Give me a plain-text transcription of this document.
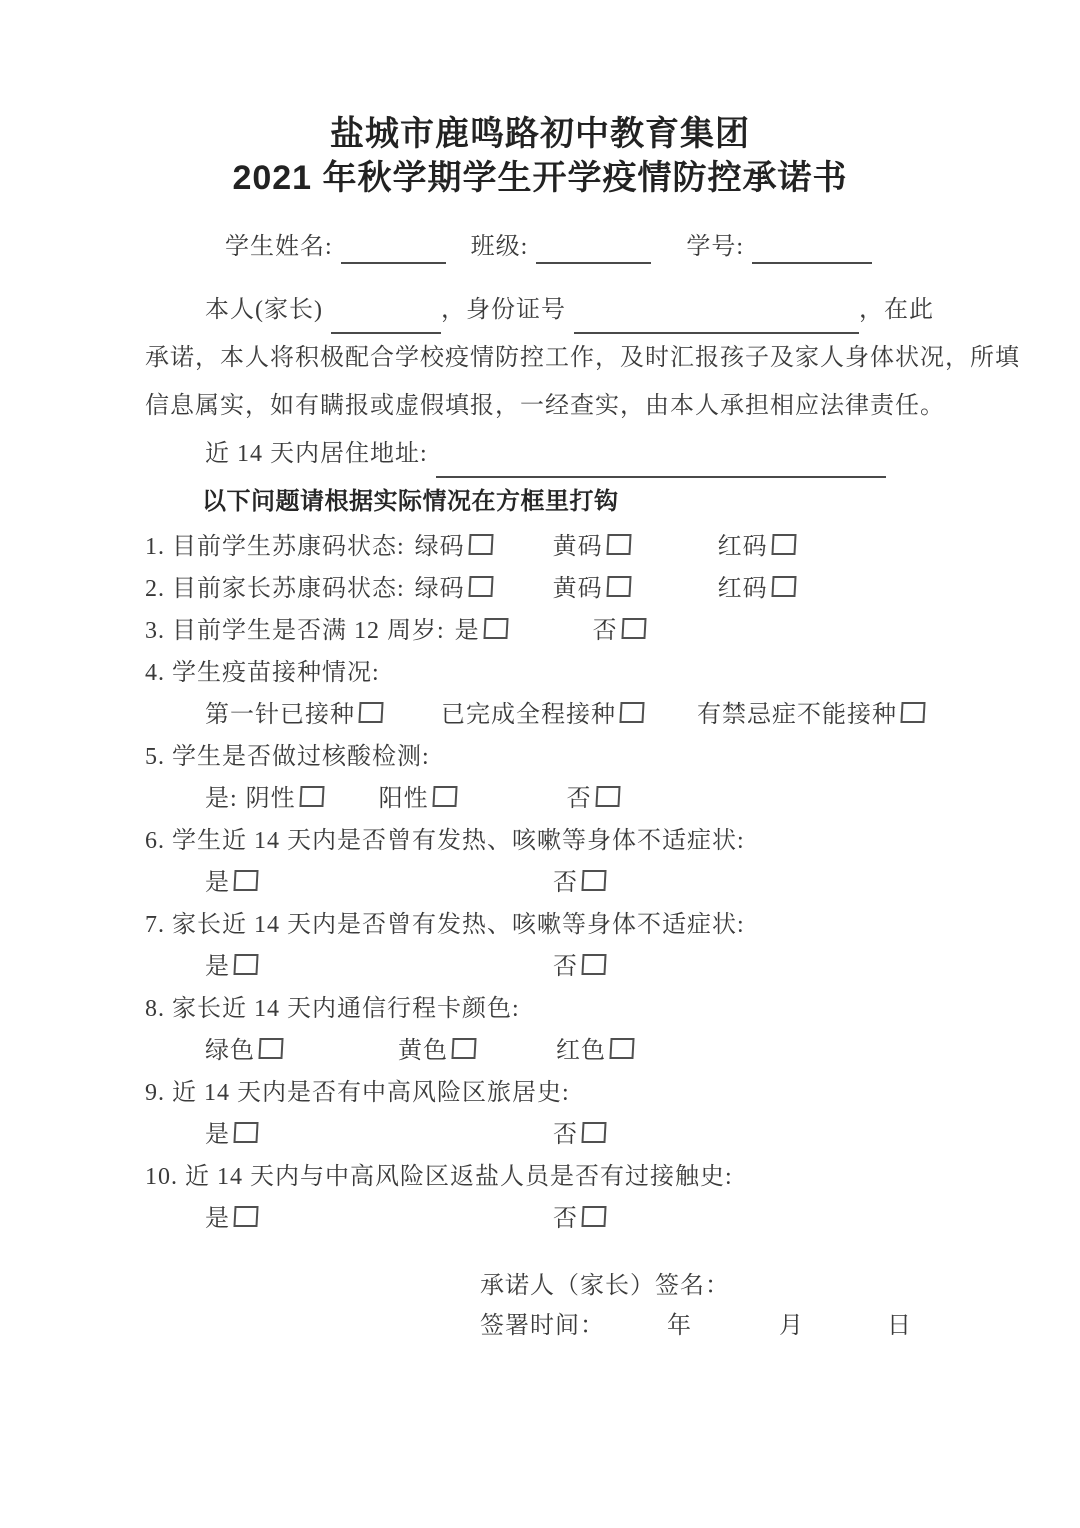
盐城市鹿鸣路初中教育集团
2021 年秋学期学生开学疫情防控承诺书
学生姓名:	班级:	学号:
本人(家长)	，身份证号	，在此
承诺，本人将积极配合学校疫情防控工作，及时汇报孩子及家人身体状况，所填
信息属实，如有瞒报或虚假填报，一经查实，由本人承担相应法律责任。
近 14 天内居住地址:
以下问题请根据实际情况在方框里打钩
1. 目前学生苏康码状态: 绿码	黄码	红码
2. 目前家长苏康码状态: 绿码	黄码	红码
3. 目前学生是否满 12 周岁: 是	否
4. 学生疫苗接种情况:
第一针已接种	已完成全程接种	有禁忌症不能接种
5. 学生是否做过核酸检测:
是: 阴性	阳性	否
6. 学生近 14 天内是否曾有发热、咳嗽等身体不适症状:
是	否
7. 家长近 14 天内是否曾有发热、咳嗽等身体不适症状:
是	否
8. 家长近 14 天内通信行程卡颜色:
绿色	黄色	红色
9. 近 14 天内是否有中高风险区旅居史:
是	否
10. 近 14 天内与中高风险区返盐人员是否有过接触史:
是	否
承诺人（家长）签名：
签署时间：	年	月	日
